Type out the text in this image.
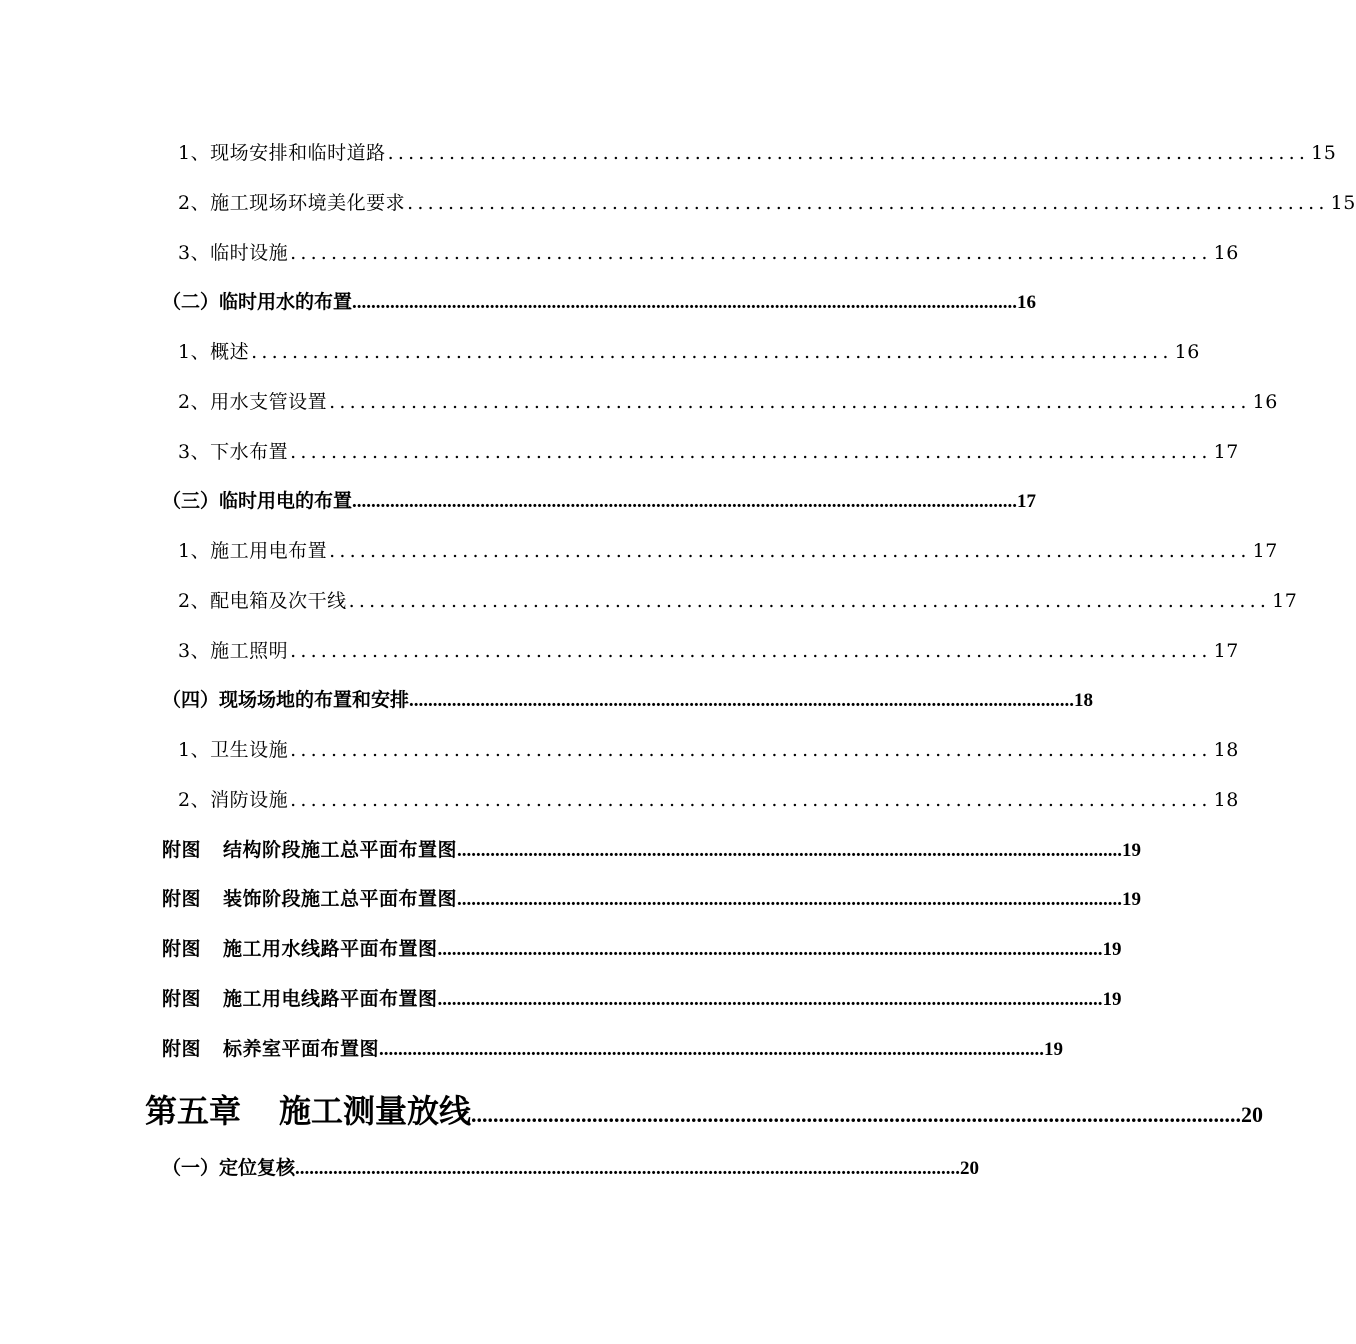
1、现场安排和临时道路 .......................................................................................... 15
2、施工现场环境美化要求 .......................................................................................... 15
3、临时设施 .......................................................................................... 16
（二）临时用水的布置 ............................................................................................................................................ 16
1、概述 .......................................................................................... 16
2、用水支管设置 .......................................................................................... 16
3、下水布置 .......................................................................................... 17
（三）临时用电的布置 ............................................................................................................................................ 17
1、施工用电布置 .......................................................................................... 17
2、配电箱及次干线 .......................................................................................... 17
3、施工照明 .......................................................................................... 17
（四）现场场地的布置和安排 ............................................................................................................................................ 18
1、卫生设施 .......................................................................................... 18
2、消防设施 .......................................................................................... 18
附图 结构阶段施工总平面布置图 ............................................................................................................................................ 19
附图 装饰阶段施工总平面布置图 ............................................................................................................................................ 19
附图 施工用水线路平面布置图 ............................................................................................................................................ 19
附图 施工用电线路平面布置图 ............................................................................................................................................ 19
附图 标养室平面布置图 ............................................................................................................................................ 19
第五章 施工测量放线 ............................................................................................................................................ 20
（一）定位复核 ............................................................................................................................................ 20
